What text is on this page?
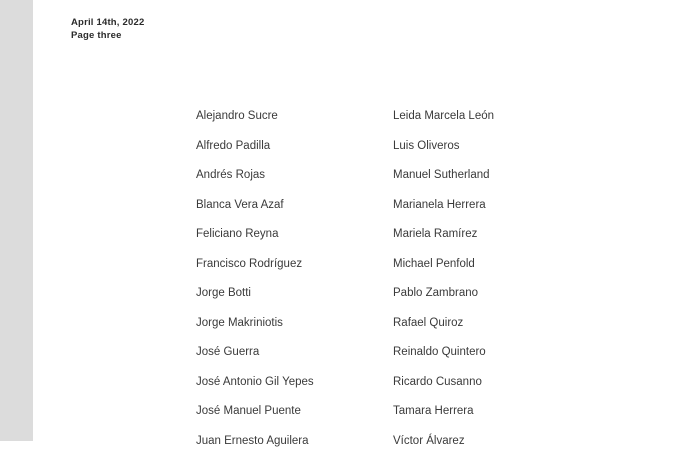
April 14th, 2022
Page three
Alejandro Sucre
Alfredo Padilla
Andrés Rojas
Blanca Vera Azaf
Feliciano Reyna
Francisco Rodríguez
Jorge Botti
Jorge Makriniotis
José Guerra
José Antonio Gil Yepes
José Manuel Puente
Juan Ernesto Aguilera
Leida Marcela León
Luis Oliveros
Manuel Sutherland
Marianela Herrera
Mariela Ramírez
Michael Penfold
Pablo Zambrano
Rafael Quiroz
Reinaldo Quintero
Ricardo Cusanno
Tamara Herrera
Víctor Álvarez
